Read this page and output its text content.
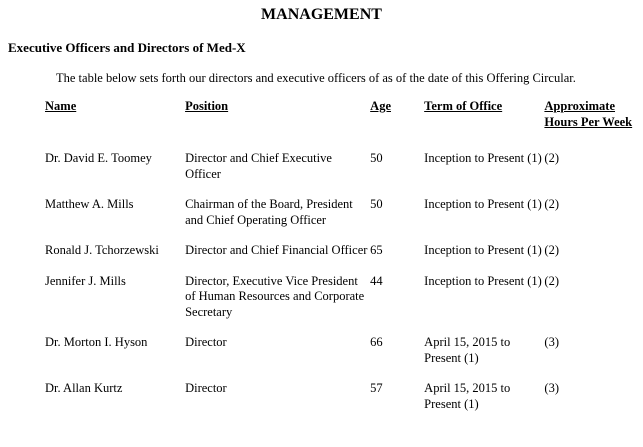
MANAGEMENT
Executive Officers and Directors of Med-X
The table below sets forth our directors and executive officers of as of the date of this Offering Circular.
Name	Position	Age	Term of Office	Approximate Hours Per Week
Dr. David E. Toomey	Director and Chief Executive Officer	50	Inception to Present (1)	(2)
Matthew A. Mills	Chairman of the Board, President and Chief Operating Officer	50	Inception to Present (1)	(2)
Ronald J. Tchorzewski	Director and Chief Financial Officer	65	Inception to Present (1)	(2)
Jennifer J. Mills	Director, Executive Vice President of Human Resources and Corporate Secretary	44	Inception to Present (1)	(2)
Dr. Morton I. Hyson	Director	66	April 15, 2015 to Present (1)	(3)
Dr. Allan Kurtz	Director	57	April 15, 2015 to Present (1)	(3)
